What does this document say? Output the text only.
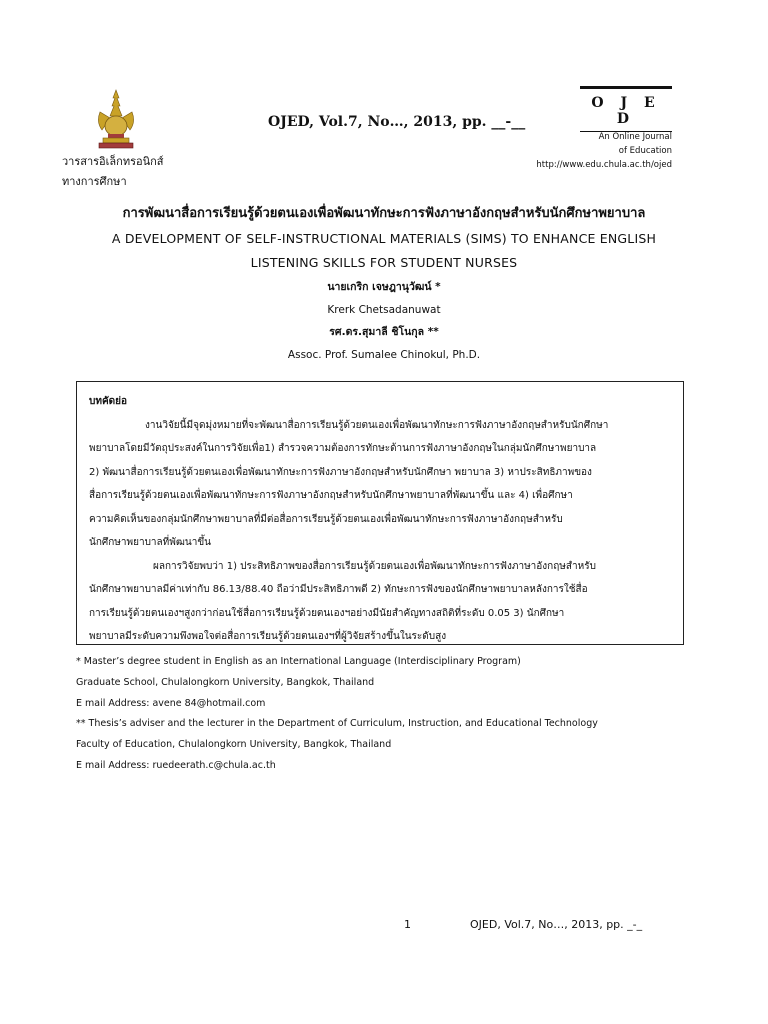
วารสารอิเล็กทรอนิกส์
ทางการศึกษา
OJED, Vol.7, No…, 2013, pp. __-__
O J E D
An Online Journal
of Education
http://www.edu.chula.ac.th/ojed
การพัฒนาสื่อการเรียนรู้ด้วยตนเองเพื่อพัฒนาทักษะการฟังภาษาอังกฤษสำหรับนักศึกษาพยาบาล
A DEVELOPMENT OF SELF-INSTRUCTIONAL MATERIALS (SIMS) TO ENHANCE ENGLISH
LISTENING SKILLS FOR STUDENT NURSES
นายเกริก เจษฎานุวัฒน์ *
Krerk Chetsadanuwat
รศ.ดร.สุมาลี ชิโนกุล **
Assoc. Prof. Sumalee Chinokul, Ph.D.
บทคัดย่อ
งานวิจัยนี้มีจุดมุ่งหมายที่จะพัฒนาสื่อการเรียนรู้ด้วยตนเองเพื่อพัฒนาทักษะการฟังภาษาอังกฤษสำหรับนักศึกษา
พยาบาลโดยมีวัตถุประสงค์ในการวิจัยเพื่อ1) สำรวจความต้องการทักษะด้านการฟังภาษาอังกฤษในกลุ่มนักศึกษาพยาบาล
2) พัฒนาสื่อการเรียนรู้ด้วยตนเองเพื่อพัฒนาทักษะการฟังภาษาอังกฤษสำหรับนักศึกษา พยาบาล 3) หาประสิทธิภาพของ
สื่อการเรียนรู้ด้วยตนเองเพื่อพัฒนาทักษะการฟังภาษาอังกฤษสำหรับนักศึกษาพยาบาลที่พัฒนาขึ้น และ 4) เพื่อศึกษา
ความคิดเห็นของกลุ่มนักศึกษาพยาบาลที่มีต่อสื่อการเรียนรู้ด้วยตนเองเพื่อพัฒนาทักษะการฟังภาษาอังกฤษสำหรับ
นักศึกษาพยาบาลที่พัฒนาขึ้น
ผลการวิจัยพบว่า 1) ประสิทธิภาพของสื่อการเรียนรู้ด้วยตนเองเพื่อพัฒนาทักษะการฟังภาษาอังกฤษสำหรับ
นักศึกษาพยาบาลมีค่าเท่ากับ 86.13/88.40 ถือว่ามีประสิทธิภาพดี 2) ทักษะการฟังของนักศึกษาพยาบาลหลังการใช้สื่อ
การเรียนรู้ด้วยตนเองฯสูงกว่าก่อนใช้สื่อการเรียนรู้ด้วยตนเองฯอย่างมีนัยสำคัญทางสถิติที่ระดับ 0.05 3) นักศึกษา
พยาบาลมีระดับความพึงพอใจต่อสื่อการเรียนรู้ด้วยตนเองฯที่ผู้วิจัยสร้างขึ้นในระดับสูง
* Master’s degree student in English as an International Language (Interdisciplinary Program)
Graduate School, Chulalongkorn University, Bangkok, Thailand
E mail Address: avene 84@hotmail.com
** Thesis’s adviser and the lecturer in the Department of Curriculum, Instruction, and Educational Technology
Faculty of Education, Chulalongkorn University, Bangkok, Thailand
E mail Address: ruedeerath.c@chula.ac.th
1	OJED, Vol.7, No…, 2013, pp. _-_
